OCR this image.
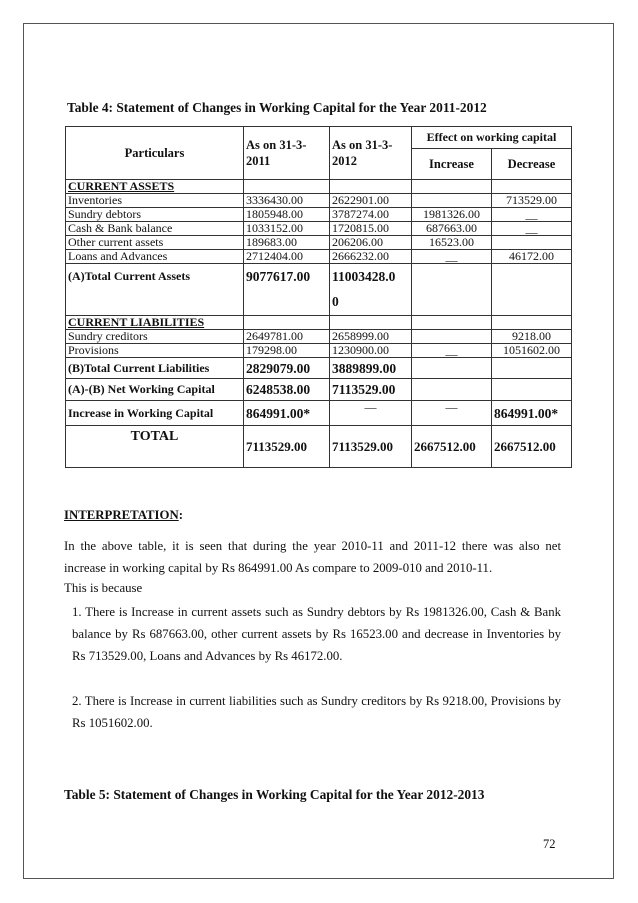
Table 4: Statement of Changes in Working Capital for the Year 2011-2012
Particulars	As on 31-3-2011	As on 31-3-2012	Effect on working capital	
			Increase	Decrease
CURRENT ASSETS				
Inventories	3336430.00	2622901.00		713529.00
Sundry debtors	1805948.00	3787274.00	1981326.00	__
Cash & Bank balance	1033152.00	1720815.00	687663.00	__
Other current assets	189683.00	206206.00	16523.00	
Loans and Advances	2712404.00	2666232.00	__	46172.00
(A)Total Current Assets	9077617.00	11003428.0
0		
CURRENT LIABILITIES				
Sundry creditors	2649781.00	2658999.00		9218.00
Provisions	179298.00	1230900.00	__	1051602.00
(B)Total Current Liabilities	2829079.00	3889899.00		
(A)-(B) Net Working Capital	6248538.00	7113529.00		
Increase in Working Capital	864991.00*	—	—	864991.00*
TOTAL	7113529.00	7113529.00	2667512.00	2667512.00
INTERPRETATION:
In the above table, it is seen that during the year 2010-11 and 2011-12 there was also net increase in working capital by Rs 864991.00 As compare to 2009-010 and 2010-11.
This is because
1. There is Increase in current assets such as Sundry debtors by Rs 1981326.00, Cash & Bank balance by Rs 687663.00, other current assets by Rs 16523.00 and decrease in Inventories by Rs 713529.00, Loans and Advances by Rs 46172.00.
2. There is Increase in current liabilities such as Sundry creditors by Rs 9218.00, Provisions by Rs 1051602.00.
Table 5: Statement of Changes in Working Capital for the Year 2012-2013
72
